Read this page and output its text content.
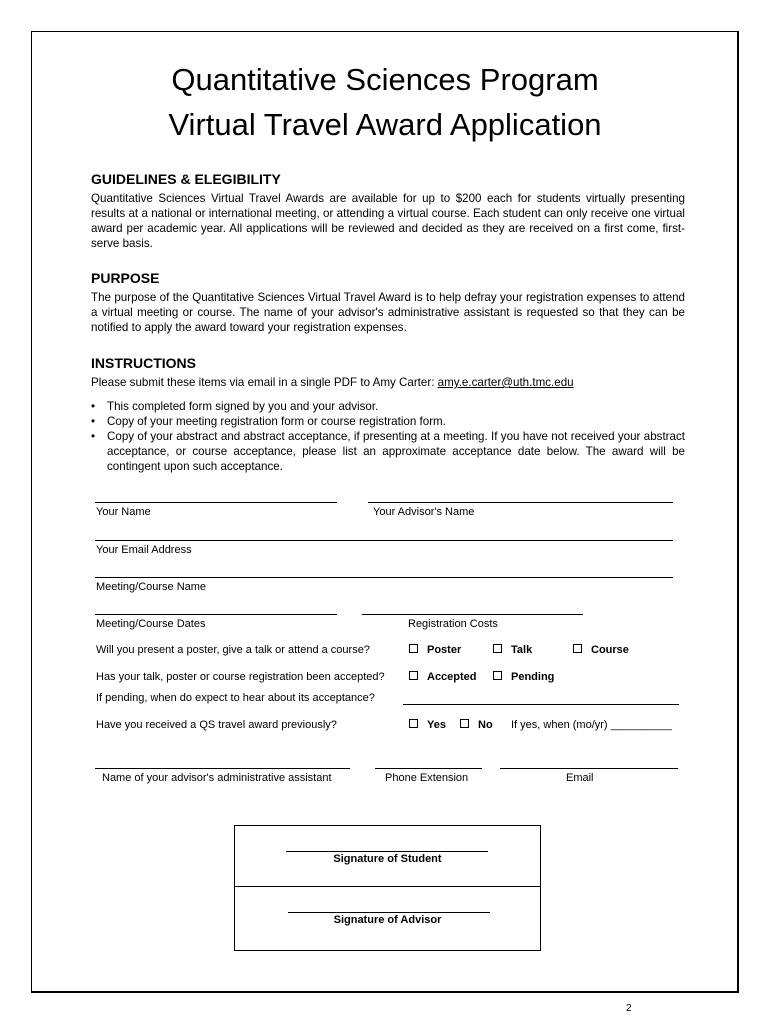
Quantitative Sciences Program
Virtual Travel Award Application
GUIDELINES & ELEGIBILITY
Quantitative Sciences Virtual Travel Awards are available for up to $200 each for students virtually presenting results at a national or international meeting, or attending a virtual course. Each student can only receive one virtual award per academic year. All applications will be reviewed and decided as they are received on a first come, first-serve basis.
PURPOSE
The purpose of the Quantitative Sciences Virtual Travel Award is to help defray your registration expenses to attend a virtual meeting or course. The name of your advisor's administrative assistant is requested so that they can be notified to apply the award toward your registration expenses.
INSTRUCTIONS
Please submit these items via email in a single PDF to Amy Carter: amy.e.carter@uth.tmc.edu
• This completed form signed by you and your advisor.
• Copy of your meeting registration form or course registration form.
• Copy of your abstract and abstract acceptance, if presenting at a meeting. If you have not received your abstract acceptance, or course acceptance, please list an approximate acceptance date below. The award will be contingent upon such acceptance.
Your Name	Your Advisor's Name
Your Email Address
Meeting/Course Name
Meeting/Course Dates	Registration Costs
Will you present a poster, give a talk or attend a course?	Poster	Talk	Course
Has your talk, poster or course registration been accepted?	Accepted	Pending
If pending, when do expect to hear about its acceptance?
Have you received a QS travel award previously?	Yes	No If yes, when (mo/yr) __________
Name of your advisor's administrative assistant	Phone Extension	Email
Signature of Student
Signature of Advisor
2
